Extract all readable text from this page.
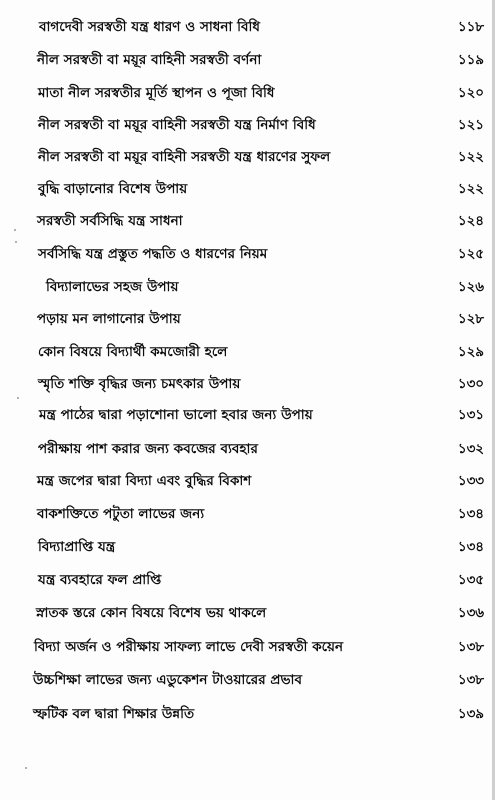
বাগদেবী সরস্বতী যন্ত্র ধারণ ও সাধনা বিধি	১১৮
নীল সরস্বতী বা ময়ূর বাহিনী সরস্বতী বর্ণনা	১১৯
মাতা নীল সরস্বতীর মূর্তি স্থাপন ও পূজা বিধি	১২০
নীল সরস্বতী বা ময়ূর বাহিনী সরস্বতী যন্ত্র নির্মাণ বিধি	১২১
নীল সরস্বতী বা ময়ূর বাহিনী সরস্বতী যন্ত্র ধারণের সুফল	১২২
বুদ্ধি বাড়ানোর বিশেষ উপায়	১২২
সরস্বতী সর্বসিদ্ধি যন্ত্র সাধনা	১২৪
সর্বসিদ্ধি যন্ত্র প্রস্তুত পদ্ধতি ও ধারণের নিয়ম	১২৫
বিদ্যালাভের সহজ উপায়	১২৬
পড়ায় মন লাগানোর উপায়	১২৮
কোন বিষয়ে বিদ্যার্থী কমজোরী হলে	১২৯
স্মৃতি শক্তি বৃদ্ধির জন্য চমৎকার উপায়	১৩০
মন্ত্র পাঠের দ্বারা পড়াশোনা ভালো হবার জন্য উপায়	১৩১
পরীক্ষায় পাশ করার জন্য কবজের ব্যবহার	১৩২
মন্ত্র জপের দ্বারা বিদ্যা এবং বুদ্ধির বিকাশ	১৩৩
বাকশক্তিতে পটুতা লাভের জন্য	১৩৪
বিদ্যাপ্রাপ্তি যন্ত্র	১৩৪
যন্ত্র ব্যবহারে ফল প্রাপ্তি	১৩৫
স্নাতক স্তরে কোন বিষয়ে বিশেষ ভয় থাকলে	১৩৬
বিদ্যা অর্জন ও পরীক্ষায় সাফল্য লাভে দেবী সরস্বতী কয়েন	১৩৮
উচ্চশিক্ষা লাভের জন্য এডুকেশন টাওয়ারের প্রভাব	১৩৮
স্ফটিক বল দ্বারা শিক্ষার উন্নতি	১৩৯
